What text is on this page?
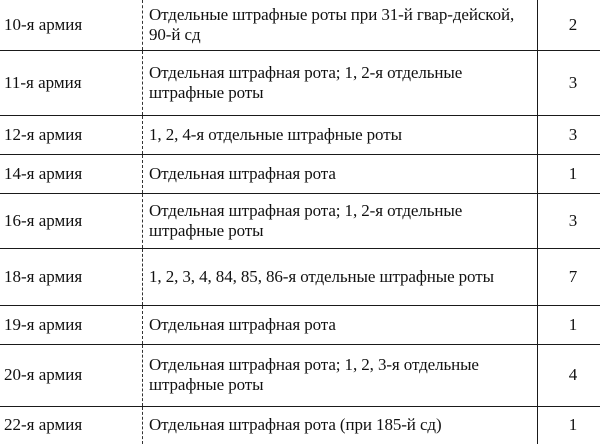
10-я армия	Отдельные штрафные роты при 31-й гвар-дейской, 90-й сд	2
11-я армия	Отдельная штрафная рота; 1, 2-я отдельные штрафные роты	3
12-я армия	1, 2, 4-я отдельные штрафные роты	3
14-я армия	Отдельная штрафная рота	1
16-я армия	Отдельная штрафная рота; 1, 2-я отдельные штрафные роты	3
18-я армия	1, 2, 3, 4, 84, 85, 86-я отдельные штрафные роты	7
19-я армия	Отдельная штрафная рота	1
20-я армия	Отдельная штрафная рота; 1, 2, 3-я отдельные штрафные роты	4
22-я армия	Отдельная штрафная рота (при 185-й сд)	1
